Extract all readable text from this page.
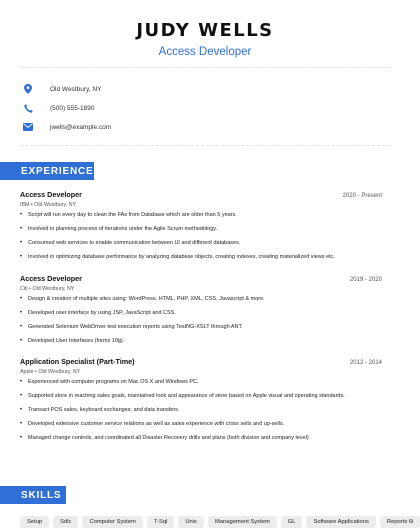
JUDY WELLS
Access Developer
Old Westbury, NY
(500) 555-1890
jwells@example.com
EXPERIENCE
Access Developer	2020 - Present
IBM • Old Westbury, NY
•	Script will run every day to clean the FAs from Database which are older than 5 years.
•	Involved in planning process of iterations under the Agile Scrum methodology.
•	Consumed web services to enable communication between UI and different databases.
•	Involved in optimizing database performance by analyzing database objects, creating indexes, creating materialized views etc.
Access Developer	2019 - 2020
Citi • Old Westbury, NY
•	Design & creation of multiple sites using: WordPress, HTML, PHP, XML, CSS, Javascript & more.
•	Developed user interface by using JSP, JavaScript and CSS.
•	Generated Selenium WebDriver test execution reports using TestNG-XSLT through ANT.
•	Developed User Interfaces (forms 10g).
Application Specialist (Part-Time)	2012 - 2014
Apple • Old Westbury, NY
•	Experienced with computer programs on Mac OS X and Windows PC.
•	Supported store in reaching sales goals, maintained look and appearance of store based on Apple visual and operating standards.
•	Transact POS sales, keyboard exchanges, and data transfers.
•	Developed extensive customer service relations as well as sales experience with cross sells and up-sells.
•	Managed change controls, and coordinated all Disaster Recovery drills and plans (both division and company level)
SKILLS
Setup	Sdlc	Computer System	T-Sql	Unix	Management System	GL	Software Applications	Reports 6i
